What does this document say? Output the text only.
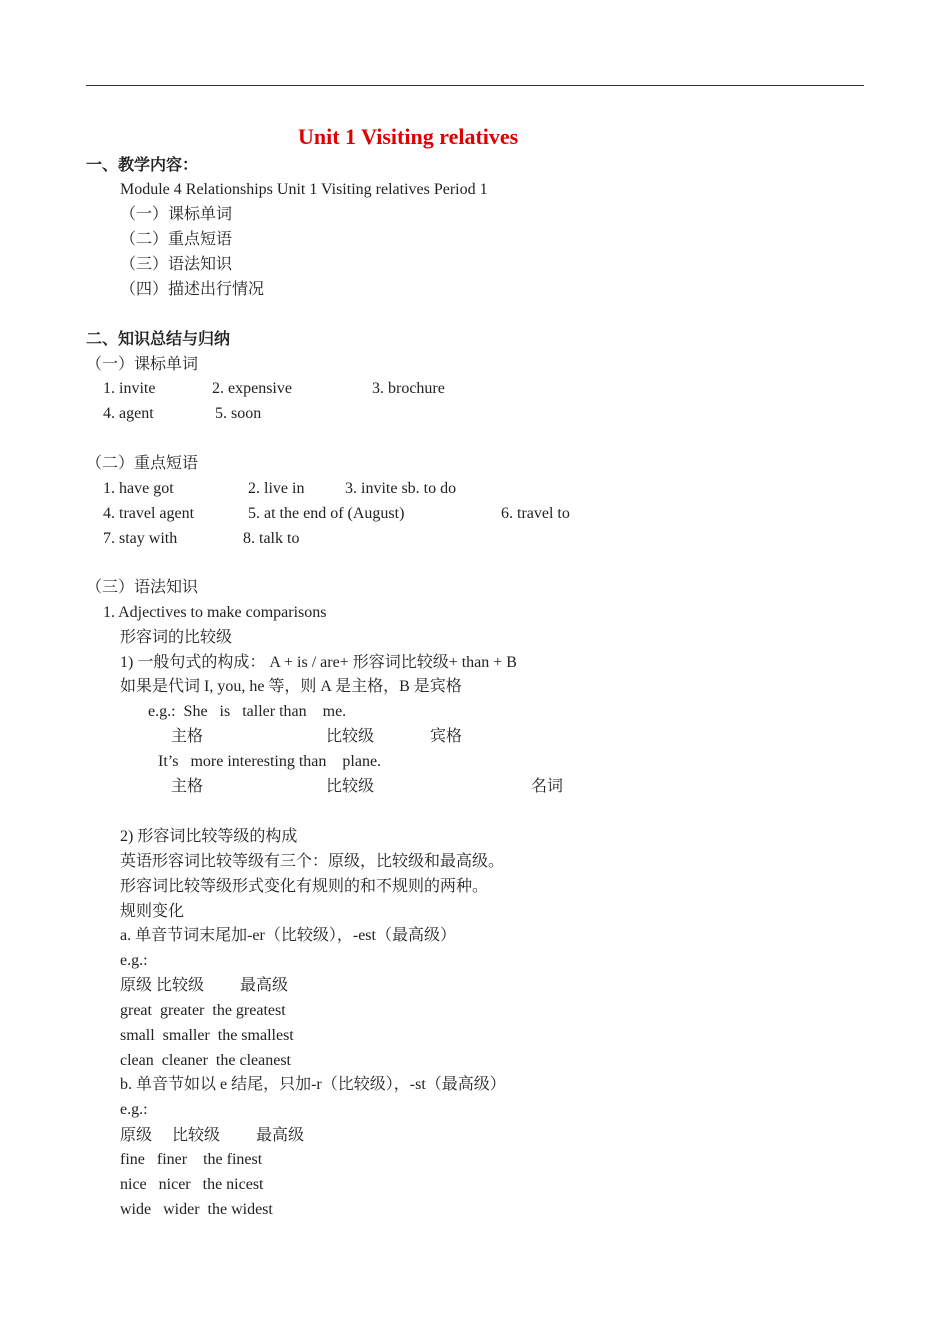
Unit 1 Visiting relatives
一、教学内容：
Module 4 Relationships Unit 1 Visiting relatives Period 1
（一）课标单词
（二）重点短语
（三）语法知识
（四）描述出行情况
二、知识总结与归纳
（一）课标单词
1. invite	2. expensive	3. brochure
4. agent	5. soon
（二）重点短语
1. have got	2. live in	3. invite sb. to do
4. travel agent	5. at the end of (August)	6. travel to
7. stay with	8. talk to
（三）语法知识
1. Adjectives to make comparisons
形容词的比较级
1) 一般句式的构成： A + is / are+ 形容词比较级+ than + B
如果是代词 I, you, he 等，则 A 是主格，B 是宾格
e.g.:  She   is   taller than    me.
主格	比较级	宾格
It’s   more interesting than    plane.
主格	比较级	名词
2) 形容词比较等级的构成
英语形容词比较等级有三个：原级，比较级和最高级。
形容词比较等级形式变化有规则的和不规则的两种。
规则变化
a. 单音节词末尾加-er（比较级），-est（最高级）
e.g.:
原级 比较级         最高级
great  greater  the greatest
small  smaller  the smallest
clean  cleaner  the cleanest
b. 单音节如以 e 结尾，只加-r（比较级），-st（最高级）
e.g.:
原级     比较级         最高级
fine   finer    the finest
nice   nicer   the nicest
wide   wider  the widest
